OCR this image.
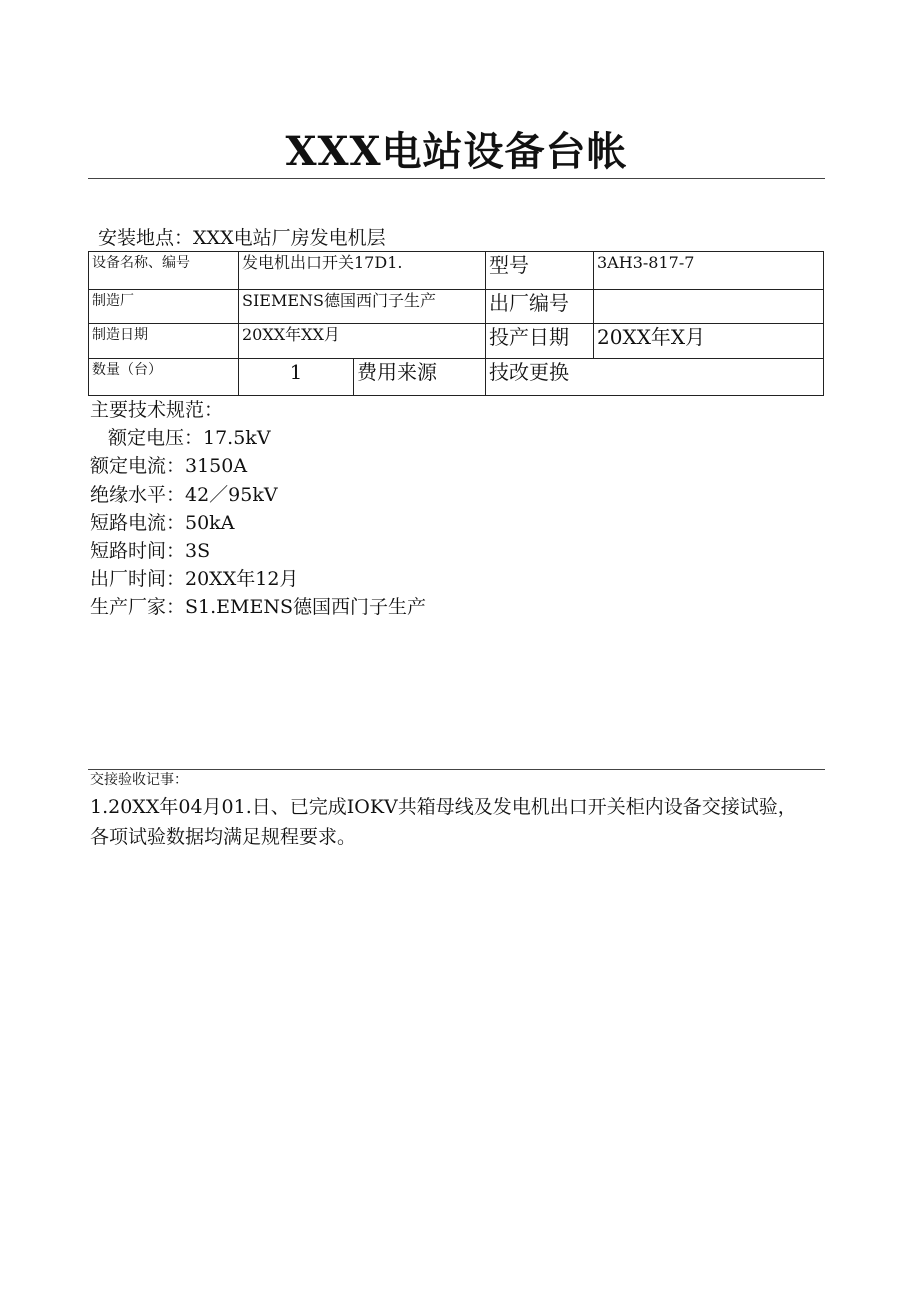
XXX电站设备台帐
安装地点：XXX电站厂房发电机层
设备名称、编号	发电机出口开关17D1.		型号	3AH3-817-7
制造厂	SIEMENS德国西门子生产		出厂编号	
制造日期	20XX年XX月		投产日期	20XX年X月
数量（台）	1	费用来源	技改更换	
主要技术规范：
额定电压：17.5kV
额定电流：3150A
绝缘水平：42／95kV
短路电流：50kA
短路时间：3S
出厂时间：20XX年12月
生产厂家：S1.EMENS德国西门子生产
交接验收记事：
1.20XX年04月01.日、已完成IOKV共箱母线及发电机出口开关柜内设备交接试验，各项试验数据均满足规程要求。
